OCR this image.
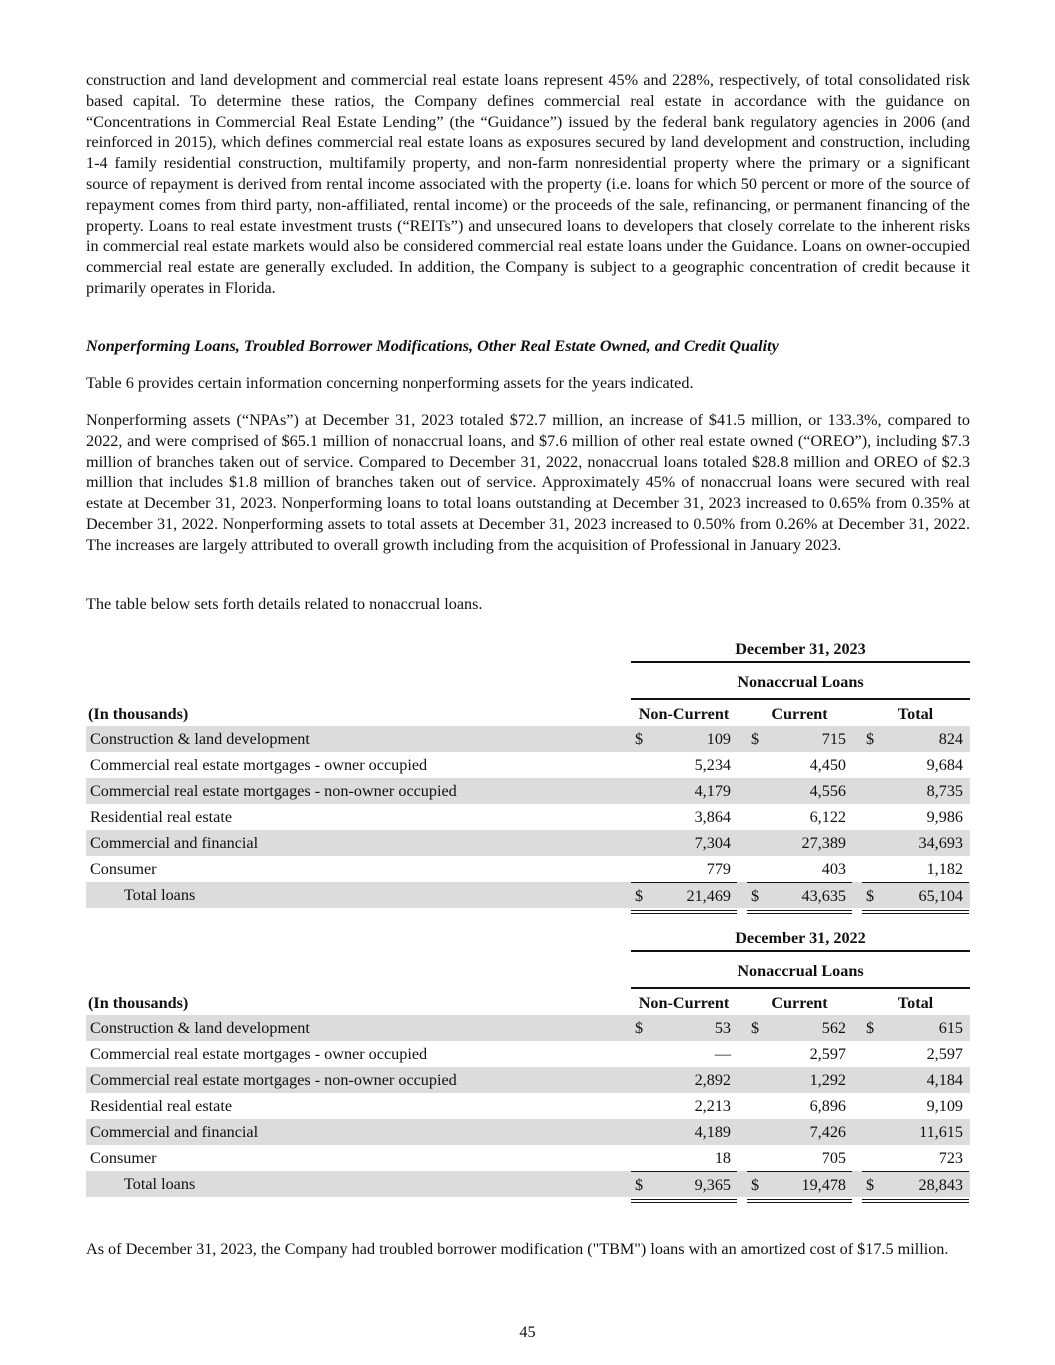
construction and land development and commercial real estate loans represent 45% and 228%, respectively, of total consolidated risk based capital. To determine these ratios, the Company defines commercial real estate in accordance with the guidance on “Concentrations in Commercial Real Estate Lending” (the “Guidance”) issued by the federal bank regulatory agencies in 2006 (and reinforced in 2015), which defines commercial real estate loans as exposures secured by land development and construction, including 1-4 family residential construction, multifamily property, and non-farm nonresidential property where the primary or a significant source of repayment is derived from rental income associated with the property (i.e. loans for which 50 percent or more of the source of repayment comes from third party, non-affiliated, rental income) or the proceeds of the sale, refinancing, or permanent financing of the property. Loans to real estate investment trusts (“REITs”) and unsecured loans to developers that closely correlate to the inherent risks in commercial real estate markets would also be considered commercial real estate loans under the Guidance. Loans on owner-occupied commercial real estate are generally excluded. In addition, the Company is subject to a geographic concentration of credit because it primarily operates in Florida.

Nonperforming Loans, Troubled Borrower Modifications, Other Real Estate Owned, and Credit Quality

Table 6 provides certain information concerning nonperforming assets for the years indicated.

Nonperforming assets (“NPAs”) at December 31, 2023 totaled $72.7 million, an increase of $41.5 million, or 133.3%, compared to 2022, and were comprised of $65.1 million of nonaccrual loans, and $7.6 million of other real estate owned (“OREO”), including $7.3 million of branches taken out of service. Compared to December 31, 2022, nonaccrual loans totaled $28.8 million and OREO of $2.3 million that includes $1.8 million of branches taken out of service. Approximately 45% of nonaccrual loans were secured with real estate at December 31, 2023. Nonperforming loans to total loans outstanding at December 31, 2023 increased to 0.65% from 0.35% at December 31, 2022. Nonperforming assets to total assets at December 31, 2023 increased to 0.50% from 0.26% at December 31, 2022. The increases are largely attributed to overall growth including from the acquisition of Professional in January 2023.

The table below sets forth details related to nonaccrual loans.

As of December 31, 2023, the Company had troubled borrower modification ("TBM") loans with an amortized cost of $17.5 million.

December 31, 2023
Nonaccrual Loans
(In thousands)	Non-Current	Current	Total
Construction & land development	$	109 $	715 $	824
Commercial real estate mortgages - owner occupied	5,234	4,450	9,684
Commercial real estate mortgages - non-owner occupied	4,179	4,556	8,735
Residential real estate	3,864	6,122	9,986
Commercial and financial	7,304	27,389	34,693
Consumer	779	403	1,182
Total loans	$	21,469 $	43,635 $	65,104
December 31, 2022
Nonaccrual Loans
(In thousands)	Non-Current	Current	Total
Construction & land development	$	53 $	562 $	615
Commercial real estate mortgages - owner occupied	—	2,597	2,597
Commercial real estate mortgages - non-owner occupied	2,892	1,292	4,184
Residential real estate	2,213	6,896	9,109
Commercial and financial	4,189	7,426	11,615
Consumer	18	705	723
Total loans	$	9,365 $	19,478 $	28,843
45
